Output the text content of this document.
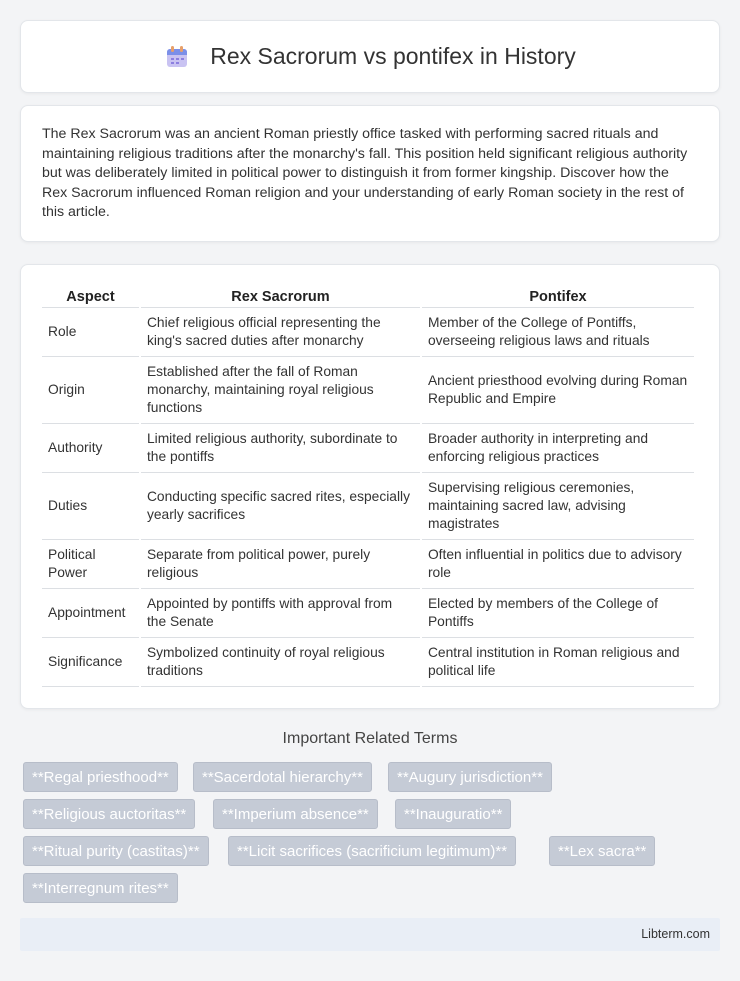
Rex Sacrorum vs pontifex in History

The Rex Sacrorum was an ancient Roman priestly office tasked with performing sacred rituals and maintaining religious traditions after the monarchy's fall. This position held significant religious authority but was deliberately limited in political power to distinguish it from former kingship. Discover how the Rex Sacrorum influenced Roman religion and your understanding of early Roman society in the rest of this article.

Aspect	Rex Sacrorum	Pontifex
Role	Chief religious official representing the king's sacred duties after monarchy	Member of the College of Pontiffs, overseeing religious laws and rituals
Origin	Established after the fall of Roman monarchy, maintaining royal religious functions	Ancient priesthood evolving during Roman Republic and Empire
Authority	Limited religious authority, subordinate to the pontiffs	Broader authority in interpreting and enforcing religious practices
Duties	Conducting specific sacred rites, especially yearly sacrifices	Supervising religious ceremonies, maintaining sacred law, advising magistrates
Political Power	Separate from political power, purely religious	Often influential in politics due to advisory role
Appointment	Appointed by pontiffs with approval from the Senate	Elected by members of the College of Pontiffs
Significance	Symbolized continuity of royal religious traditions	Central institution in Roman religious and political life
Important Related Terms
**Regal priesthood**	**Sacerdotal hierarchy**	**Augury jurisdiction**
**Religious auctoritas**	**Imperium absence**	**Inauguratio**
**Ritual purity (castitas)**	**Licit sacrifices (sacrificium legitimum)**	**Lex sacra**
**Interregnum rites**
Libterm.com
